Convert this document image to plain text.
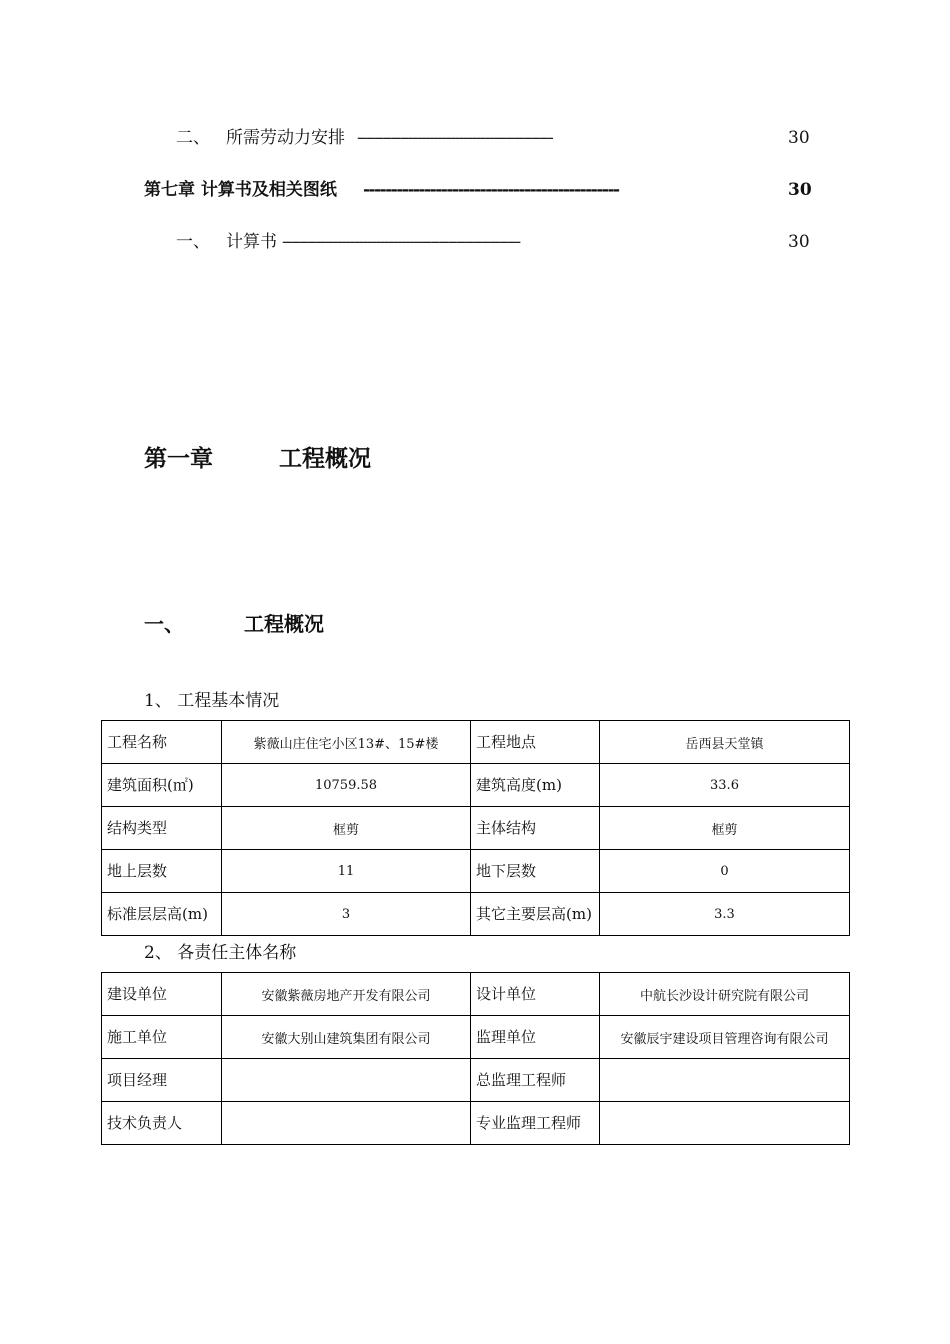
二、 所需劳动力安排 ----------------------------------------------	30
第七章 计算书及相关图纸 ----------------------------------------------	30
一、 计算书 --------------------------------------------------------	30
第一章	工程概况
一、	工程概况
1、 工程基本情况
工程名称	紫薇山庄住宅小区13#、15#楼	工程地点	岳西县天堂镇
建筑面积(㎡)	10759.58	建筑高度(m)	33.6
结构类型	框剪	主体结构	框剪
地上层数	11	地下层数	0
标准层层高(m)	3	其它主要层高(m)	3.3
2、 各责任主体名称
建设单位	安徽紫薇房地产开发有限公司	设计单位	中航长沙设计研究院有限公司
施工单位	安徽大别山建筑集团有限公司	监理单位	安徽辰宇建设项目管理咨询有限公司
项目经理		总监理工程师	
技术负责人		专业监理工程师	
